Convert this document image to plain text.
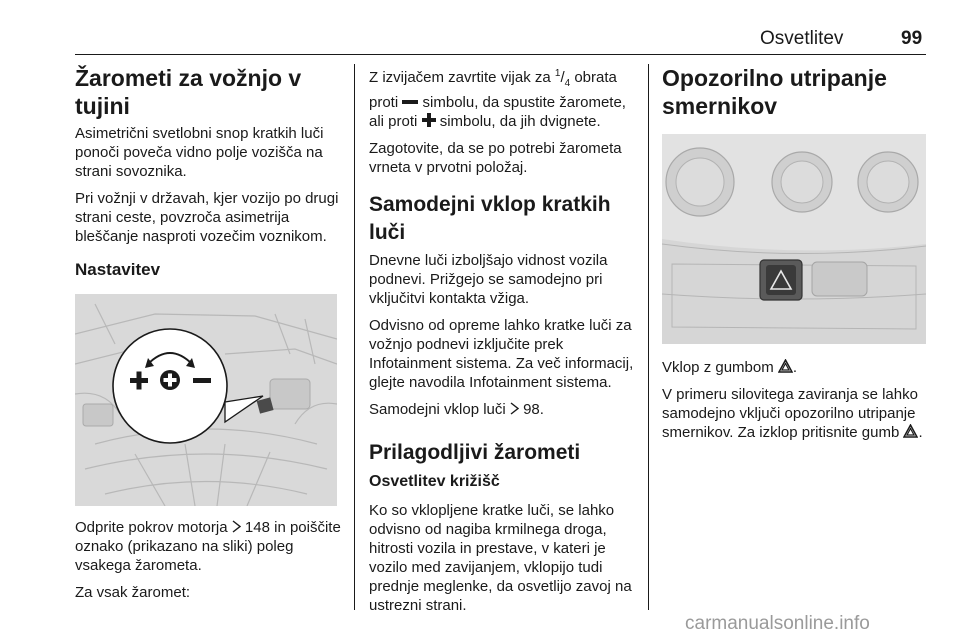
Osvetlitev	99
Žarometi za vožnjo v tujini

Asimetrični svetlobni snop kratkih luči ponoči poveča vidno polje vozišča na strani sovoznika.

Pri vožnji v državah, kjer vozijo po drugi strani ceste, povzroča asimetrija bleščanje nasproti vozečim voznikom.

Nastavitev

Odprite pokrov motorja  148 in poiščite oznako (prikazano na sliki) poleg vsakega žarometa.

Za vsak žaromet:

Z izvijačem zavrtite vijak za $^1/_4$ obrata proti  simbolu, da spustite žaromete, ali proti  simbolu, da jih dvignete.

Zagotovite, da se po potrebi žarometa vrneta v prvotni položaj.

Samodejni vklop kratkih luči

Dnevne luči izboljšajo vidnost vozila podnevi. Prižgejo se samodejno pri vključitvi kontakta vžiga.

Odvisno od opreme lahko kratke luči za vožnjo podnevi izključite prek Infotainment sistema. Za več informacij, glejte navodila Infotainment sistema.

Samodejni vklop luči  98.

Prilagodljivi žarometi
Osvetlitev križišč

Ko so vklopljene kratke luči, se lahko odvisno od nagiba krmilnega droga, hitrosti vozila in prestave, v kateri je vozilo med zavijanjem, vklopijo tudi prednje meglenke, da osvetlijo zavoj na ustrezni strani.

Opozorilno utripanje smernikov

Vklop z gumbom .

V primeru silovitega zaviranja se lahko samodejno vključi opozorilno utripanje smernikov. Za izklop pritisnite gumb .

carmanualsonline.info
